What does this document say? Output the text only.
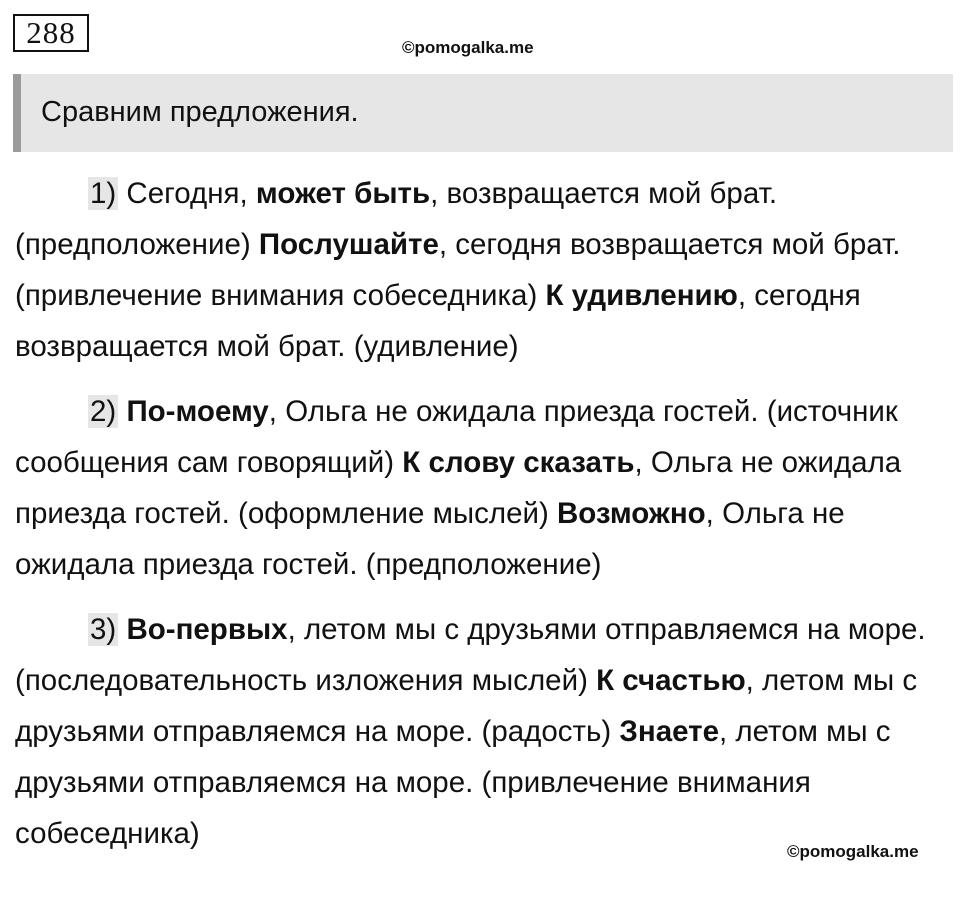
288	©pomogalka.me
Сравним предложения.

1) Сегодня, может быть, возвращается мой брат. (предположение) Послушайте, сегодня возвращается мой брат. (привлечение внимания собеседника) К удивлению, сегодня возвращается мой брат. (удивление)

2) По-моему, Ольга не ожидала приезда гостей. (источник сообщения сам говорящий) К слову сказать, Ольга не ожидала приезда гостей. (оформление мыслей) Возможно, Ольга не ожидала приезда гостей. (предположение)

3) Во-первых, летом мы с друзьями отправляемся на море. (последовательность изложения мыслей) К счастью, летом мы с друзьями отправляемся на море. (радость) Знаете, летом мы с друзьями отправляемся на море. (привлечение внимания собеседника)

©pomogalka.me
